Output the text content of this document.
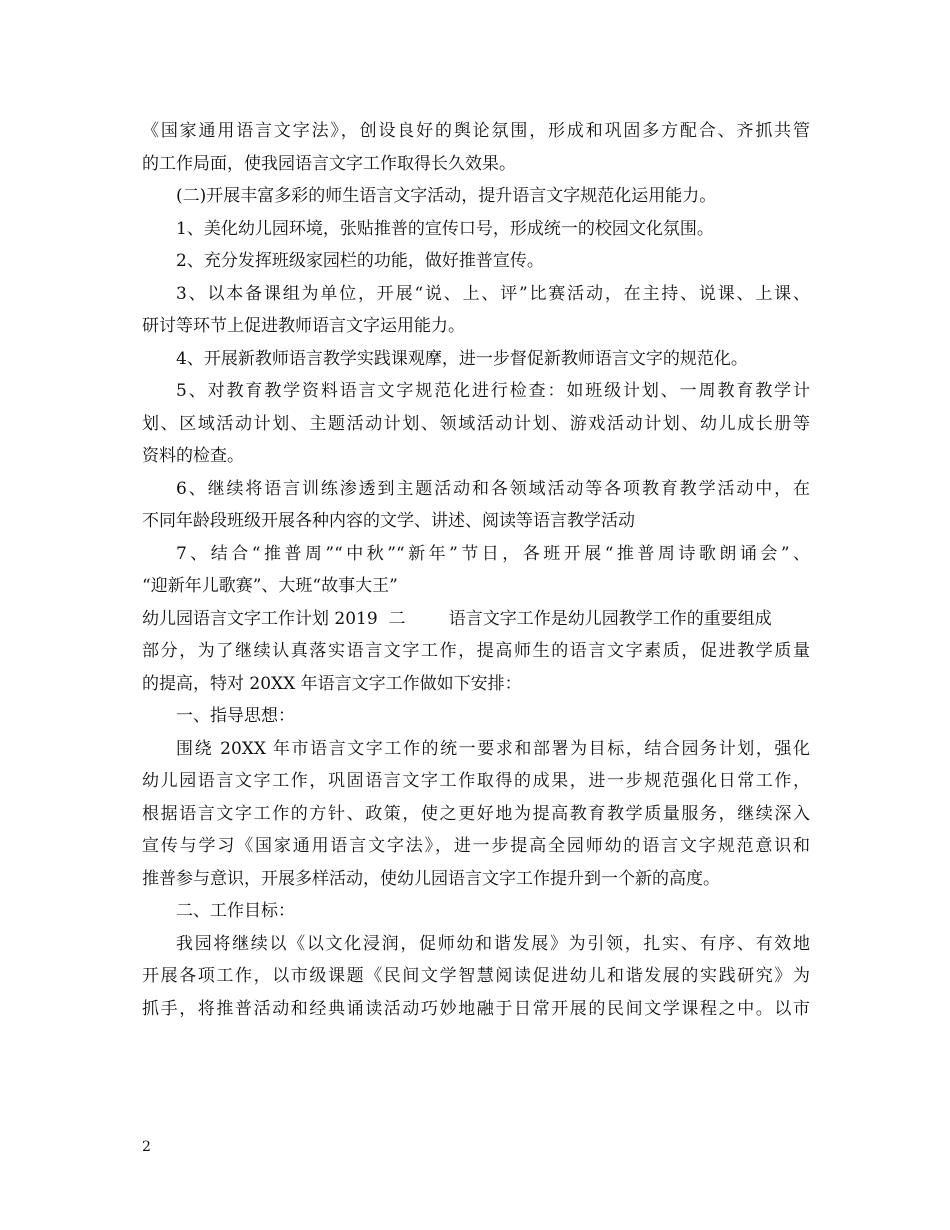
《国家通用语言文字法》，创设良好的舆论氛围，形成和巩固多方配合、齐抓共管
的工作局面，使我园语言文字工作取得长久效果。
(二)开展丰富多彩的师生语言文字活动，提升语言文字规范化运用能力。
1、美化幼儿园环境，张贴推普的宣传口号，形成统一的校园文化氛围。
2、充分发挥班级家园栏的功能，做好推普宣传。
3、以本备课组为单位，开展“说、上、评”比赛活动，在主持、说课、上课、
研讨等环节上促进教师语言文字运用能力。
4、开展新教师语言教学实践课观摩，进一步督促新教师语言文字的规范化。
5、对教育教学资料语言文字规范化进行检查：如班级计划、一周教育教学计
划、区域活动计划、主题活动计划、领域活动计划、游戏活动计划、幼儿成长册等
资料的检查。
6、继续将语言训练渗透到主题活动和各领域活动等各项教育教学活动中，在
不同年龄段班级开展各种内容的文学、讲述、阅读等语言教学活动
7、结合“推普周”“中秋”“新年”节日，各班开展“推普周诗歌朗诵会”、
“迎新年儿歌赛”、大班“故事大王”
幼儿园语言文字工作计划 2019  二        语言文字工作是幼儿园教学工作的重要组成
部分，为了继续认真落实语言文字工作，提高师生的语言文字素质，促进教学质量
的提高，特对 20XX 年语言文字工作做如下安排：
一、指导思想：
围绕 20XX 年市语言文字工作的统一要求和部署为目标，结合园务计划，强化
幼儿园语言文字工作，巩固语言文字工作取得的成果，进一步规范强化日常工作，
根据语言文字工作的方针、政策，使之更好地为提高教育教学质量服务，继续深入
宣传与学习《国家通用语言文字法》，进一步提高全园师幼的语言文字规范意识和
推普参与意识，开展多样活动，使幼儿园语言文字工作提升到一个新的高度。
二、工作目标：
我园将继续以《以文化浸润，促师幼和谐发展》为引领，扎实、有序、有效地
开展各项工作，以市级课题《民间文学智慧阅读促进幼儿和谐发展的实践研究》为
抓手，将推普活动和经典诵读活动巧妙地融于日常开展的民间文学课程之中。以市
2
